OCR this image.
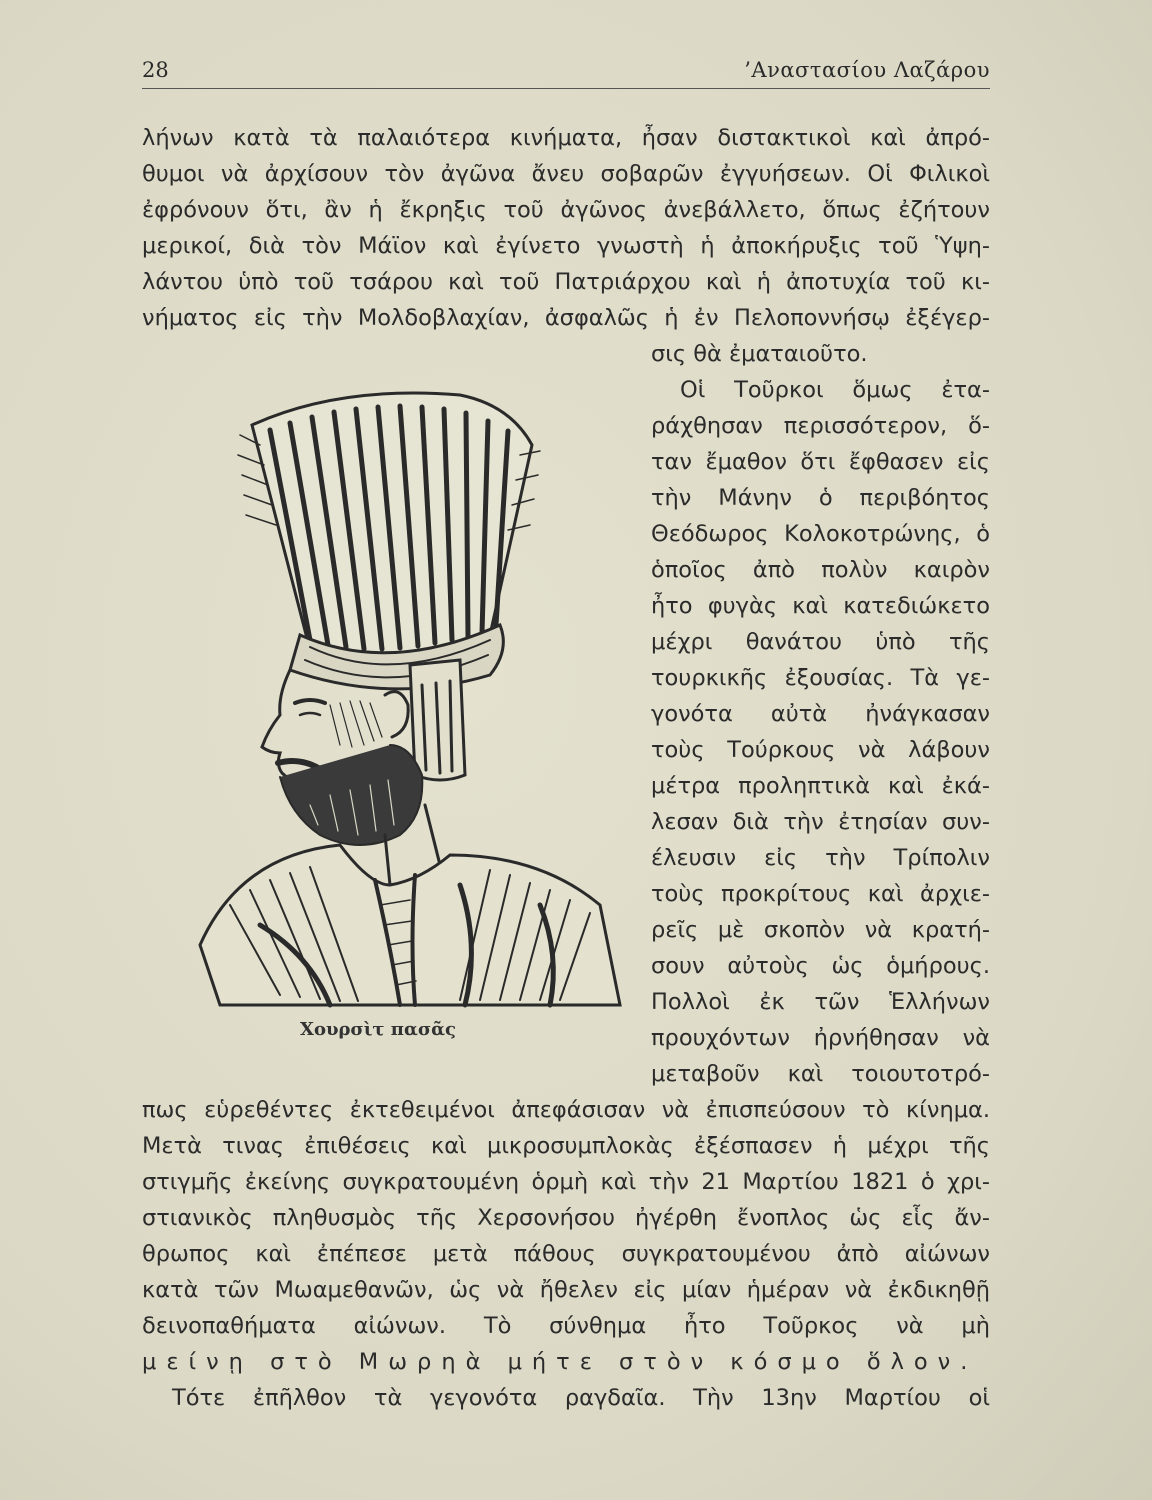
28	’Αναστασίου Λαζάρου
λήνων κατὰ τὰ παλαιότερα κινήματα, ἦσαν διστακτικοὶ καὶ ἀπρό-
θυμοι νὰ ἀρχίσουν τὸν ἀγῶνα ἄνευ σοβαρῶν ἐγγυήσεων. Οἱ Φιλικοὶ
ἐφρόνουν ὅτι, ἂν ἡ ἔκρηξις τοῦ ἀγῶνος ἀνεβάλλετο, ὅπως ἐζήτουν
μερικοί, διὰ τὸν Μάϊον καὶ ἐγίνετο γνωστὴ ἡ ἀποκήρυξις τοῦ Ὑψη-
λάντου ὑπὸ τοῦ τσάρου καὶ τοῦ Πατριάρχου καὶ ἡ ἀποτυχία τοῦ κι-
νήματος εἰς τὴν Μολδοβλαχίαν, ἀσφαλῶς ἡ ἐν Πελοποννήσῳ ἐξέγερ-
σις θὰ ἐματαιοῦτο.
Οἱ Τοῦρκοι ὅμως ἐτα-
ράχθησαν περισσότερον, ὅ-
ταν ἔμαθον ὅτι ἔφθασεν εἰς
τὴν Μάνην ὁ περιβόητος
Θεόδωρος Κολοκοτρώνης, ὁ
ὁποῖος ἀπὸ πολὺν καιρὸν
ἦτο φυγὰς καὶ κατεδιώκετο
μέχρι θανάτου ὑπὸ τῆς
τουρκικῆς ἐξουσίας. Τὰ γε-
γονότα αὐτὰ ἠνάγκασαν
τοὺς Τούρκους νὰ λάβουν
μέτρα προληπτικὰ καὶ ἐκά-
λεσαν διὰ τὴν ἐτησίαν συν-
έλευσιν εἰς τὴν Τρίπολιν
τοὺς προκρίτους καὶ ἀρχιε-
ρεῖς μὲ σκοπὸν νὰ κρατή-
σουν αὐτοὺς ὡς ὁμήρους.
Πολλοὶ ἐκ τῶν Ἑλλήνων
προυχόντων ἠρνήθησαν νὰ
μεταβοῦν καὶ τοιουτοτρό-
Χουρσὶτ πασᾶς
πως εὑρεθέντες ἐκτεθειμένοι ἀπεφάσισαν νὰ ἐπισπεύσουν τὸ κίνημα.
Μετὰ τινας ἐπιθέσεις καὶ μικροσυμπλοκὰς ἐξέσπασεν ἡ μέχρι τῆς
στιγμῆς ἐκείνης συγκρατουμένη ὁρμὴ καὶ τὴν 21 Μαρτίου 1821 ὁ χρι-
στιανικὸς πληθυσμὸς τῆς Χερσονήσου ἠγέρθη ἔνοπλος ὡς εἷς ἄν-
θρωπος καὶ ἐπέπεσε μετὰ πάθους συγκρατουμένου ἀπὸ αἰώνων
κατὰ τῶν Μωαμεθανῶν, ὡς νὰ ἤθελεν εἰς μίαν ἡμέραν νὰ ἐκδικηθῇ
δεινοπαθήματα αἰώνων. Τὸ σύνθημα ἦτο Τοῦρκος νὰ μὴ
μείνῃ στὸ Μωρηὰ μήτε στὸν κόσμο ὅλον.
Τότε ἐπῆλθον τὰ γεγονότα ραγδαῖα. Τὴν 13ην Μαρτίου οἱ
